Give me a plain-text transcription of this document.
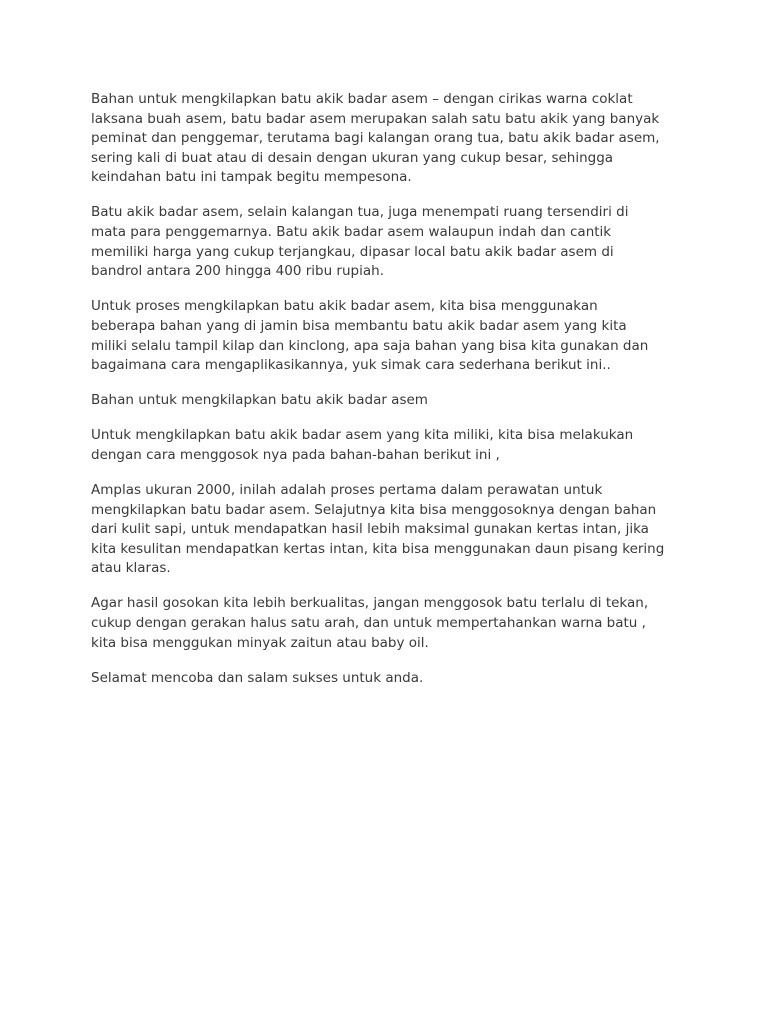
Bahan untuk mengkilapkan batu akik badar asem – dengan cirikas warna coklat
laksana buah asem, batu badar asem merupakan salah satu batu akik yang banyak
peminat dan penggemar, terutama bagi kalangan orang tua, batu akik badar asem,
sering kali di buat atau di desain dengan ukuran yang cukup besar, sehingga
keindahan batu ini tampak begitu mempesona.

Batu akik badar asem, selain kalangan tua, juga menempati ruang tersendiri di
mata para penggemarnya. Batu akik badar asem walaupun indah dan cantik
memiliki harga yang cukup terjangkau, dipasar local batu akik badar asem di
bandrol antara 200 hingga 400 ribu rupiah.

Untuk proses mengkilapkan batu akik badar asem, kita bisa menggunakan
beberapa bahan yang di jamin bisa membantu batu akik badar asem yang kita
miliki selalu tampil kilap dan kinclong, apa saja bahan yang bisa kita gunakan dan
bagaimana cara mengaplikasikannya, yuk simak cara sederhana berikut ini..

Bahan untuk mengkilapkan batu akik badar asem

Untuk mengkilapkan batu akik badar asem yang kita miliki, kita bisa melakukan
dengan cara menggosok nya pada bahan-bahan berikut ini ,

Amplas ukuran 2000, inilah adalah proses pertama dalam perawatan untuk
mengkilapkan batu badar asem. Selajutnya kita bisa menggosoknya dengan bahan
dari kulit sapi, untuk mendapatkan hasil lebih maksimal gunakan kertas intan, jika
kita kesulitan mendapatkan kertas intan, kita bisa menggunakan daun pisang kering
atau klaras.

Agar hasil gosokan kita lebih berkualitas, jangan menggosok batu terlalu di tekan,
cukup dengan gerakan halus satu arah, dan untuk mempertahankan warna batu ,
kita bisa menggukan minyak zaitun atau baby oil.

Selamat mencoba dan salam sukses untuk anda.
